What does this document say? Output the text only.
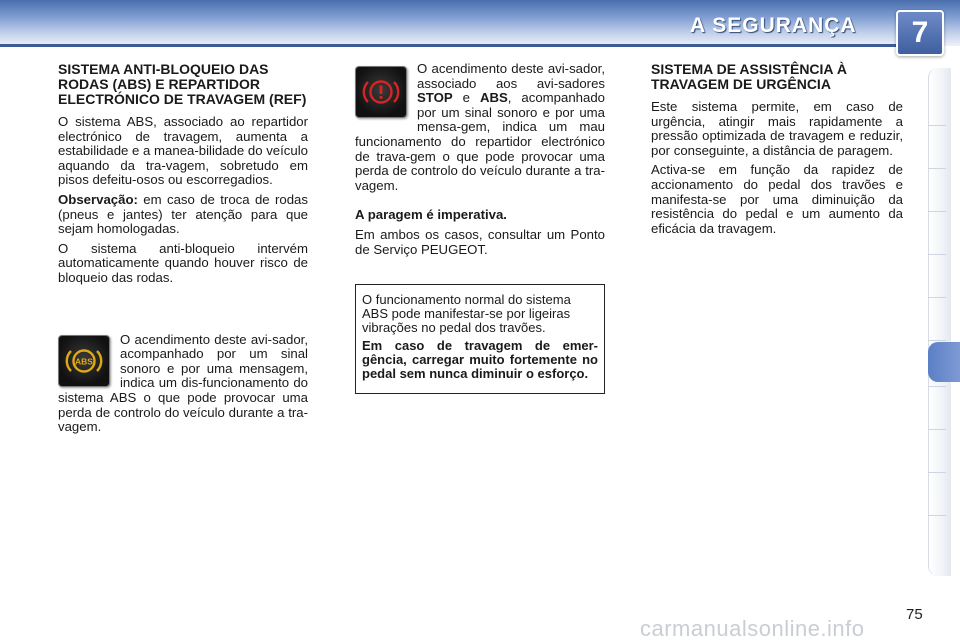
A SEGURANÇA	7
SISTEMA ANTI-BLOQUEIO DAS RODAS (ABS) E REPARTIDOR ELECTRÓNICO DE TRAVAGEM (REF)

O sistema ABS, associado ao repartidor electrónico de travagem, aumenta a estabilidade e a manea-bilidade do veículo aquando da tra-vagem, sobretudo em pisos defeitu-osos ou escorregadios.

Observação: em caso de troca de rodas (pneus e jantes) ter atenção para que sejam homologadas.

O sistema anti-bloqueio intervém automaticamente quando houver risco de bloqueio das rodas.

ABS

O acendimento deste avi-sador, acompanhado por um sinal sonoro e por uma mensagem, indica um dis-funcionamento do sistema ABS o que pode provocar uma perda de controlo do veículo durante a tra-vagem.

O acendimento deste avi-sador, associado aos avi-sadores STOP e ABS, acompanhado por um sinal sonoro e por uma mensa-gem, indica um mau funcionamento do repartidor electrónico de trava-gem o que pode provocar uma perda de controlo do veículo durante a tra-vagem.

A paragem é imperativa.

Em ambos os casos, consultar um Ponto de Serviço PEUGEOT.

O funcionamento normal do sistema ABS pode manifestar-se por ligeiras vibrações no pedal dos travões.

Em caso de travagem de emer-gência, carregar muito fortemente no pedal sem nunca diminuir o esforço.

SISTEMA DE ASSISTÊNCIA À TRAVAGEM DE URGÊNCIA

Este sistema permite, em caso de urgência, atingir mais rapidamente a pressão optimizada de travagem e reduzir, por conseguinte, a distância de paragem.

Activa-se em função da rapidez de accionamento do pedal dos travões e manifesta-se por uma diminuição da resistência do pedal e um aumento da eficácia da travagem.

carmanualsonline.info
75
